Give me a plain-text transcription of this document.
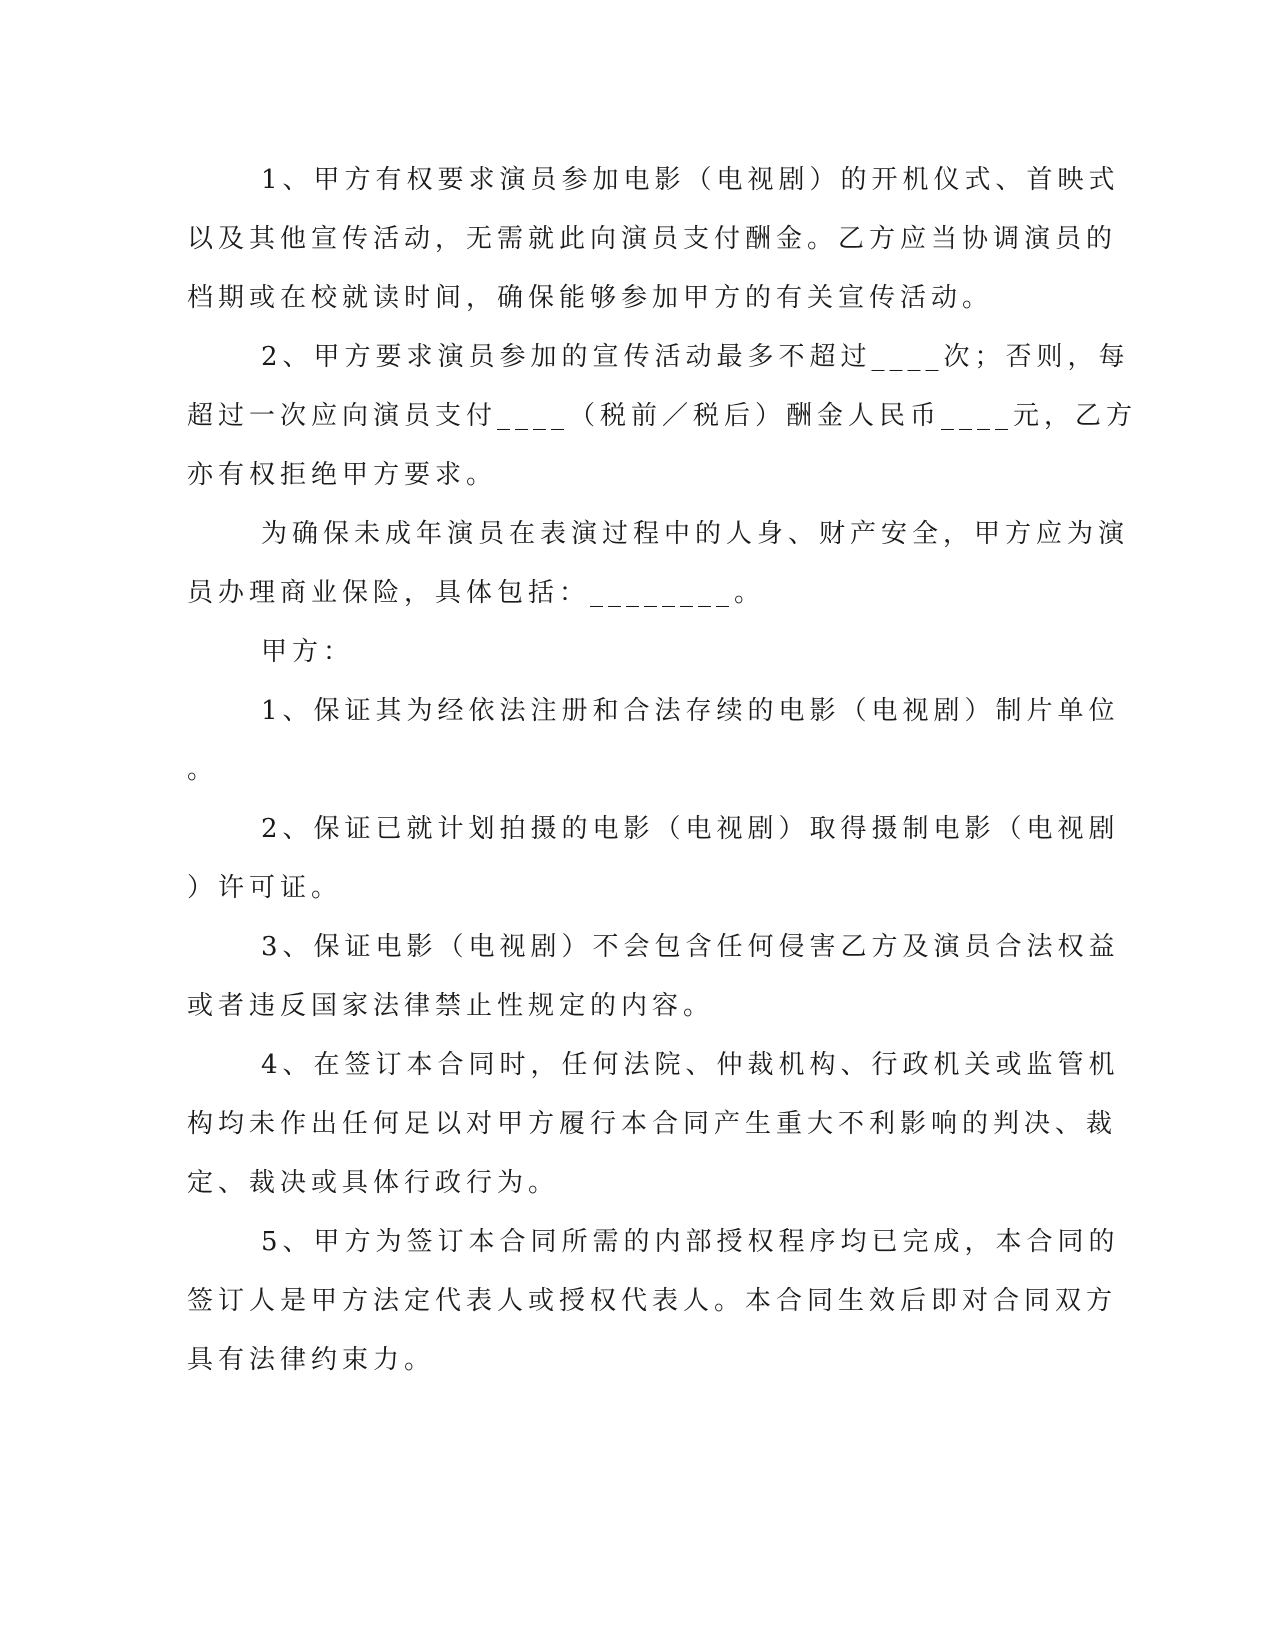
1、甲方有权要求演员参加电影（电视剧）的开机仪式、首映式
以及其他宣传活动，无需就此向演员支付酬金。乙方应当协调演员的
档期或在校就读时间，确保能够参加甲方的有关宣传活动。
2、甲方要求演员参加的宣传活动最多不超过____次；否则，每
超过一次应向演员支付____（税前／税后）酬金人民币____元，乙方
亦有权拒绝甲方要求。
为确保未成年演员在表演过程中的人身、财产安全，甲方应为演
员办理商业保险，具体包括：________。
甲方：
1、保证其为经依法注册和合法存续的电影（电视剧）制片单位
。
2、保证已就计划拍摄的电影（电视剧）取得摄制电影（电视剧
）许可证。
3、保证电影（电视剧）不会包含任何侵害乙方及演员合法权益
或者违反国家法律禁止性规定的内容。
4、在签订本合同时，任何法院、仲裁机构、行政机关或监管机
构均未作出任何足以对甲方履行本合同产生重大不利影响的判决、裁
定、裁决或具体行政行为。
5、甲方为签订本合同所需的内部授权程序均已完成，本合同的
签订人是甲方法定代表人或授权代表人。本合同生效后即对合同双方
具有法律约束力。
